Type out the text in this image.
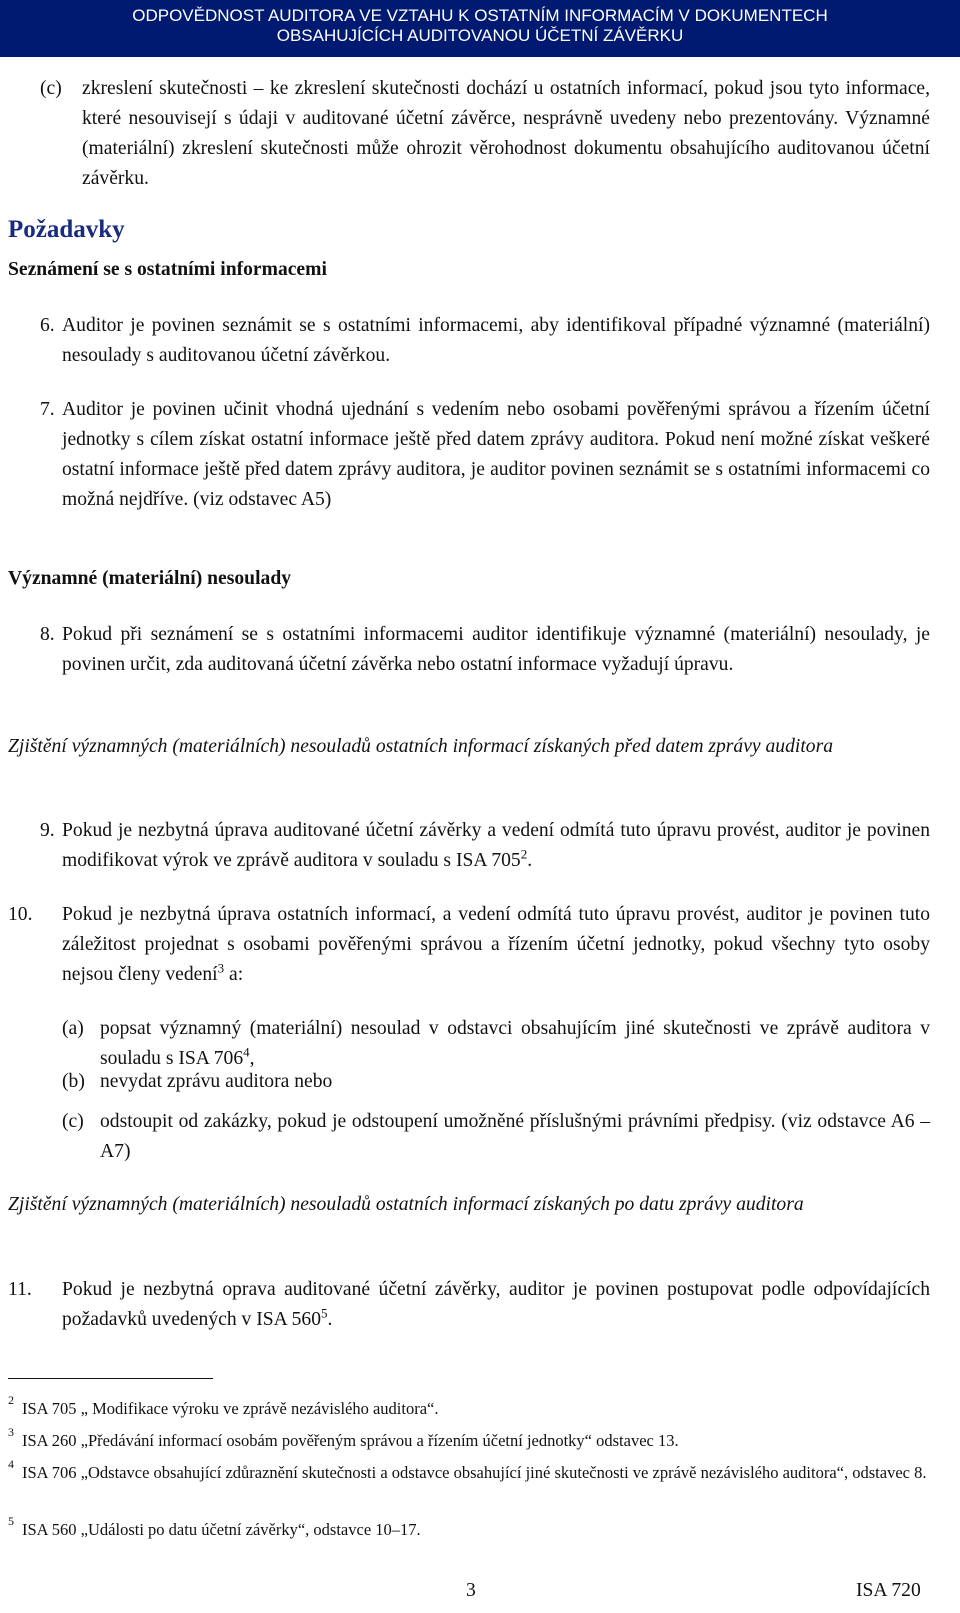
ODPOVĚDNOST AUDITORA VE VZTAHU K OSTATNÍM INFORMACÍM V DOKUMENTECH
OBSAHUJÍCÍCH AUDITOVANOU ÚČETNÍ ZÁVĚRKU
(c) zkreslení skutečnosti – ke zkreslení skutečnosti dochází u ostatních informací, pokud jsou tyto informace, které nesouvisejí s údaji v auditované účetní závěrce, nesprávně uvedeny nebo prezentovány. Významné (materiální) zkreslení skutečnosti může ohrozit věrohodnost dokumentu obsahujícího auditovanou účetní závěrku.
Požadavky
Seznámení se s ostatními informacemi
6. Auditor je povinen seznámit se s ostatními informacemi, aby identifikoval případné významné (materiální) nesoulady s auditovanou účetní závěrkou.
7. Auditor je povinen učinit vhodná ujednání s vedením nebo osobami pověřenými správou a řízením účetní jednotky s cílem získat ostatní informace ještě před datem zprávy auditora. Pokud není možné získat veškeré ostatní informace ještě před datem zprávy auditora, je auditor povinen seznámit se s ostatními informacemi co možná nejdříve. (viz odstavec A5)
Významné (materiální) nesoulady
8. Pokud při seznámení se s ostatními informacemi auditor identifikuje významné (materiální) nesoulady, je povinen určit, zda auditovaná účetní závěrka nebo ostatní informace vyžadují úpravu.
Zjištění významných (materiálních) nesouladů ostatních informací získaných před datem zprávy auditora
9. Pokud je nezbytná úprava auditované účetní závěrky a vedení odmítá tuto úpravu provést, auditor je povinen modifikovat výrok ve zprávě auditora v souladu s ISA $705^2$.
10. Pokud je nezbytná úprava ostatních informací, a vedení odmítá tuto úpravu provést, auditor je povinen tuto záležitost projednat s osobami pověřenými správou a řízením účetní jednotky, pokud všechny tyto osoby nejsou členy vedení$^3$ a:
(a) popsat významný (materiální) nesoulad v odstavci obsahujícím jiné skutečnosti ve zprávě auditora v souladu s ISA $706^4$,
(b) nevydat zprávu auditora nebo
(c) odstoupit od zakázky, pokud je odstoupení umožněné příslušnými právními předpisy. (viz odstavce A6 – A7)
Zjištění významných (materiálních) nesouladů ostatních informací získaných po datu zprávy auditora
11. Pokud je nezbytná oprava auditované účetní závěrky, auditor je povinen postupovat podle odpovídajících požadavků uvedených v ISA $560^5$.
2 ISA 705 „ Modifikace výroku ve zprávě nezávislého auditora“.
3 ISA 260 „Předávání informací osobám pověřeným správou a řízením účetní jednotky“ odstavec 13.
4 ISA 706 „Odstavce obsahující zdůraznění skutečnosti a odstavce obsahující jiné skutečnosti ve zprávě nezávislého auditora“, odstavec 8.
5 ISA 560 „Události po datu účetní závěrky“, odstavce 10–17.
3	ISA 720
